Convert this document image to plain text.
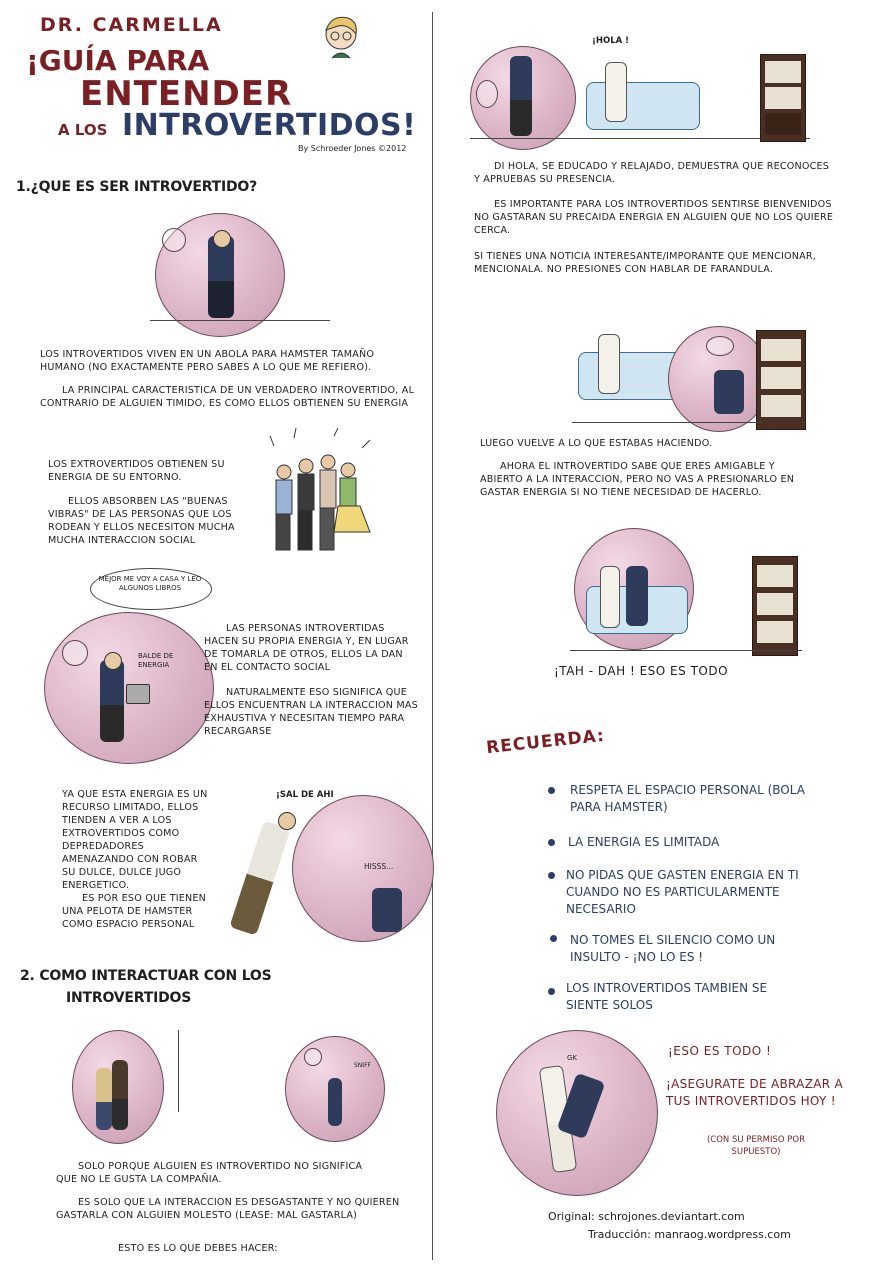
DR. CARMELLA
¡GUÍA PARA
ENTENDER
A LOS INTROVERTIDOS!
By Schroeder Jones ©2012
1.¿QUE ES SER INTROVERTIDO?
LOS INTROVERTIDOS VIVEN EN UN ABOLA PARA HAMSTER TAMAÑO HUMANO (NO EXACTAMENTE PERO SABES A LO QUE ME REFIERO).
LA PRINCIPAL CARACTERISTICA DE UN VERDADERO INTROVERTIDO, AL CONTRARIO DE ALGUIEN TIMIDO, ES COMO ELLOS OBTIENEN SU ENERGIA
LOS EXTROVERTIDOS OBTIENEN SU ENERGIA DE SU ENTORNO.
ELLOS ABSORBEN LAS "BUENAS VIBRAS" DE LAS PERSONAS QUE LOS RODEAN Y ELLOS NECESITON MUCHA MUCHA INTERACCION SOCIAL
MEJOR ME VOY A CASA Y LEO ALGUNOS LIBROS
BALDE DE ENERGIA
LAS PERSONAS INTROVERTIDAS HACEN SU PROPIA ENERGIA Y, EN LUGAR DE TOMARLA DE OTROS, ELLOS LA DAN EN EL CONTACTO SOCIAL
NATURALMENTE ESO SIGNIFICA QUE ELLOS ENCUENTRAN LA INTERACCION MAS EXHAUSTIVA Y NECESITAN TIEMPO PARA RECARGARSE
YA QUE ESTA ENERGIA ES UN RECURSO LIMITADO, ELLOS TIENDEN A VER A LOS EXTROVERTIDOS COMO DEPREDADORES AMENAZANDO CON ROBAR SU DULCE, DULCE JUGO ENERGETICO.
ES POR ESO QUE TIENEN UNA PELOTA DE HAMSTER COMO ESPACIO PERSONAL
¡SAL DE AHI
HISSS...
2. COMO INTERACTUAR CON LOS
INTROVERTIDOS
SNIFF
SOLO PORQUE ALGUIEN ES INTROVERTIDO NO SIGNIFICA QUE NO LE GUSTA LA COMPAÑIA.
ES SOLO QUE LA INTERACCION ES DESGASTANTE Y NO QUIEREN GASTARLA CON ALGUIEN MOLESTO (LEASE: MAL GASTARLA)
ESTO ES LO QUE DEBES HACER:
¡HOLA !
DI HOLA, SE EDUCADO Y RELAJADO, DEMUESTRA QUE RECONOCES Y APRUEBAS SU PRESENCIA.
ES IMPORTANTE PARA LOS INTROVERTIDOS SENTIRSE BIENVENIDOS NO GASTARAN SU PRECAIDA ENERGIA EN ALGUIEN QUE NO LOS QUIERE CERCA.
SI TIENES UNA NOTICIA INTERESANTE/IMPORANTE QUE MENCIONAR, MENCIONALA. NO PRESIONES CON HABLAR DE FARANDULA.
LUEGO VUELVE A LO QUE ESTABAS HACIENDO.
AHORA EL INTROVERTIDO SABE QUE ERES AMIGABLE Y ABIERTO A LA INTERACCION, PERO NO VAS A PRESIONARLO EN GASTAR ENERGIA SI NO TIENE NECESIDAD DE HACERLO.
¡TAH - DAH ! ESO ES TODO
RECUERDA:
RESPETA EL ESPACIO PERSONAL (BOLA PARA HAMSTER)
LA ENERGIA ES LIMITADA
NO PIDAS QUE GASTEN ENERGIA EN TI CUANDO NO ES PARTICULARMENTE NECESARIO
NO TOMES EL SILENCIO COMO UN INSULTO - ¡NO LO ES !
LOS INTROVERTIDOS TAMBIEN SE SIENTE SOLOS
GK	¡ESO ES TODO !
¡ASEGURATE DE ABRAZAR A TUS INTROVERTIDOS HOY !
(CON SU PERMISO POR SUPUESTO)
Original: schrojones.deviantart.com
Traducción: manraog.wordpress.com
